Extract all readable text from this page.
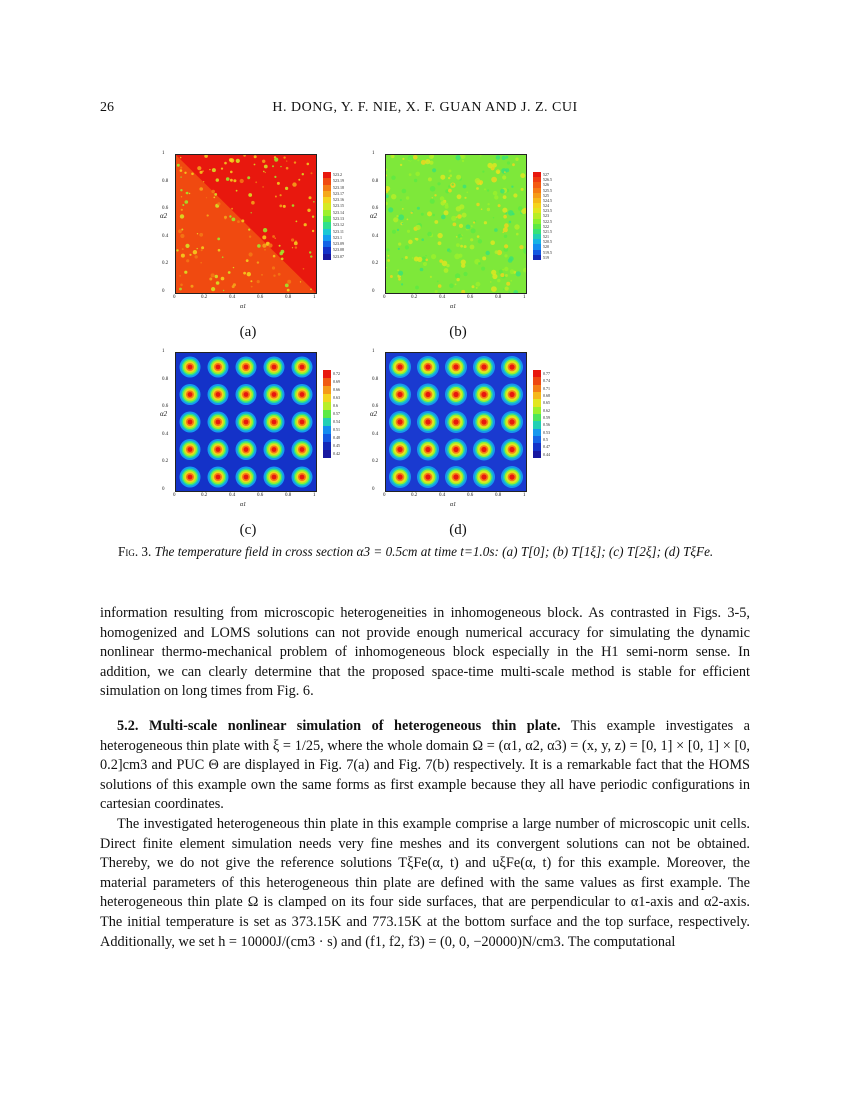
26	H. DONG, Y. F. NIE, X. F. GUAN AND J. Z. CUI
α2
523.2
523.19
523.18
523.17
523.16
523.15
523.14
523.13
523.12
523.11
523.1
523.09
523.08
523.07
α1
(a)
0	0.2	0.4	0.6	0.8	1
0
0.2
0.4
0.6
0.8
1
α2
527
526.5
526
525.5
525
524.5
524
523.5
523
522.5
522
521.5
521
520.5
520
519.5
519
α1
(b)
0	0.2	0.4	0.6	0.8	1
0
0.2
0.4
0.6
0.8
1
α2
0.72
0.69
0.66
0.63
0.6
0.57
0.54
0.51
0.48
0.45
0.42
α1
(c)
0	0.2	0.4	0.6	0.8	1
0
0.2
0.4
0.6
0.8
1
α2
0.77
0.74
0.71
0.68
0.65
0.62
0.59
0.56
0.53
0.5
0.47
0.44
α1
(d)
0	0.2	0.4	0.6	0.8	1
0
0.2
0.4
0.6
0.8
1
Fig. 3. The temperature field in cross section α3 = 0.5cm at time t=1.0s: (a) T[0]; (b) T[1ξ]; (c) T[2ξ]; (d) TξFe.

information resulting from microscopic heterogeneities in inhomogeneous block. As contrasted in Figs. 3-5, homogenized and LOMS solutions can not provide enough numerical accuracy for simulating the dynamic nonlinear thermo-mechanical problem of inhomogeneous block especially in the H1 semi-norm sense. In addition, we can clearly determine that the proposed space-time multi-scale method is stable for efficient simulation on long times from Fig. 6.

5.2. Multi-scale nonlinear simulation of heterogeneous thin plate. This example investigates a heterogeneous thin plate with ξ = 1/25, where the whole domain Ω = (α1, α2, α3) = (x, y, z) = [0, 1] × [0, 1] × [0, 0.2]cm3 and PUC Θ are displayed in Fig. 7(a) and Fig. 7(b) respectively. It is a remarkable fact that the HOMS solutions of this example own the same forms as first example because they all have periodic configurations in cartesian coordinates.

The investigated heterogeneous thin plate in this example comprise a large number of microscopic unit cells. Direct finite element simulation needs very fine meshes and its convergent solutions can not be obtained. Thereby, we do not give the reference solutions TξFe(α, t) and uξFe(α, t) for this example. Moreover, the material parameters of this heterogeneous thin plate are defined with the same values as first example. The heterogeneous thin plate Ω is clamped on its four side surfaces, that are perpendicular to α1-axis and α2-axis. The initial temperature is set as 373.15K and 773.15K at the bottom surface and the top surface, respectively. Additionally, we set h = 10000J/(cm3 · s) and (f1, f2, f3) = (0, 0, −20000)N/cm3. The computational
